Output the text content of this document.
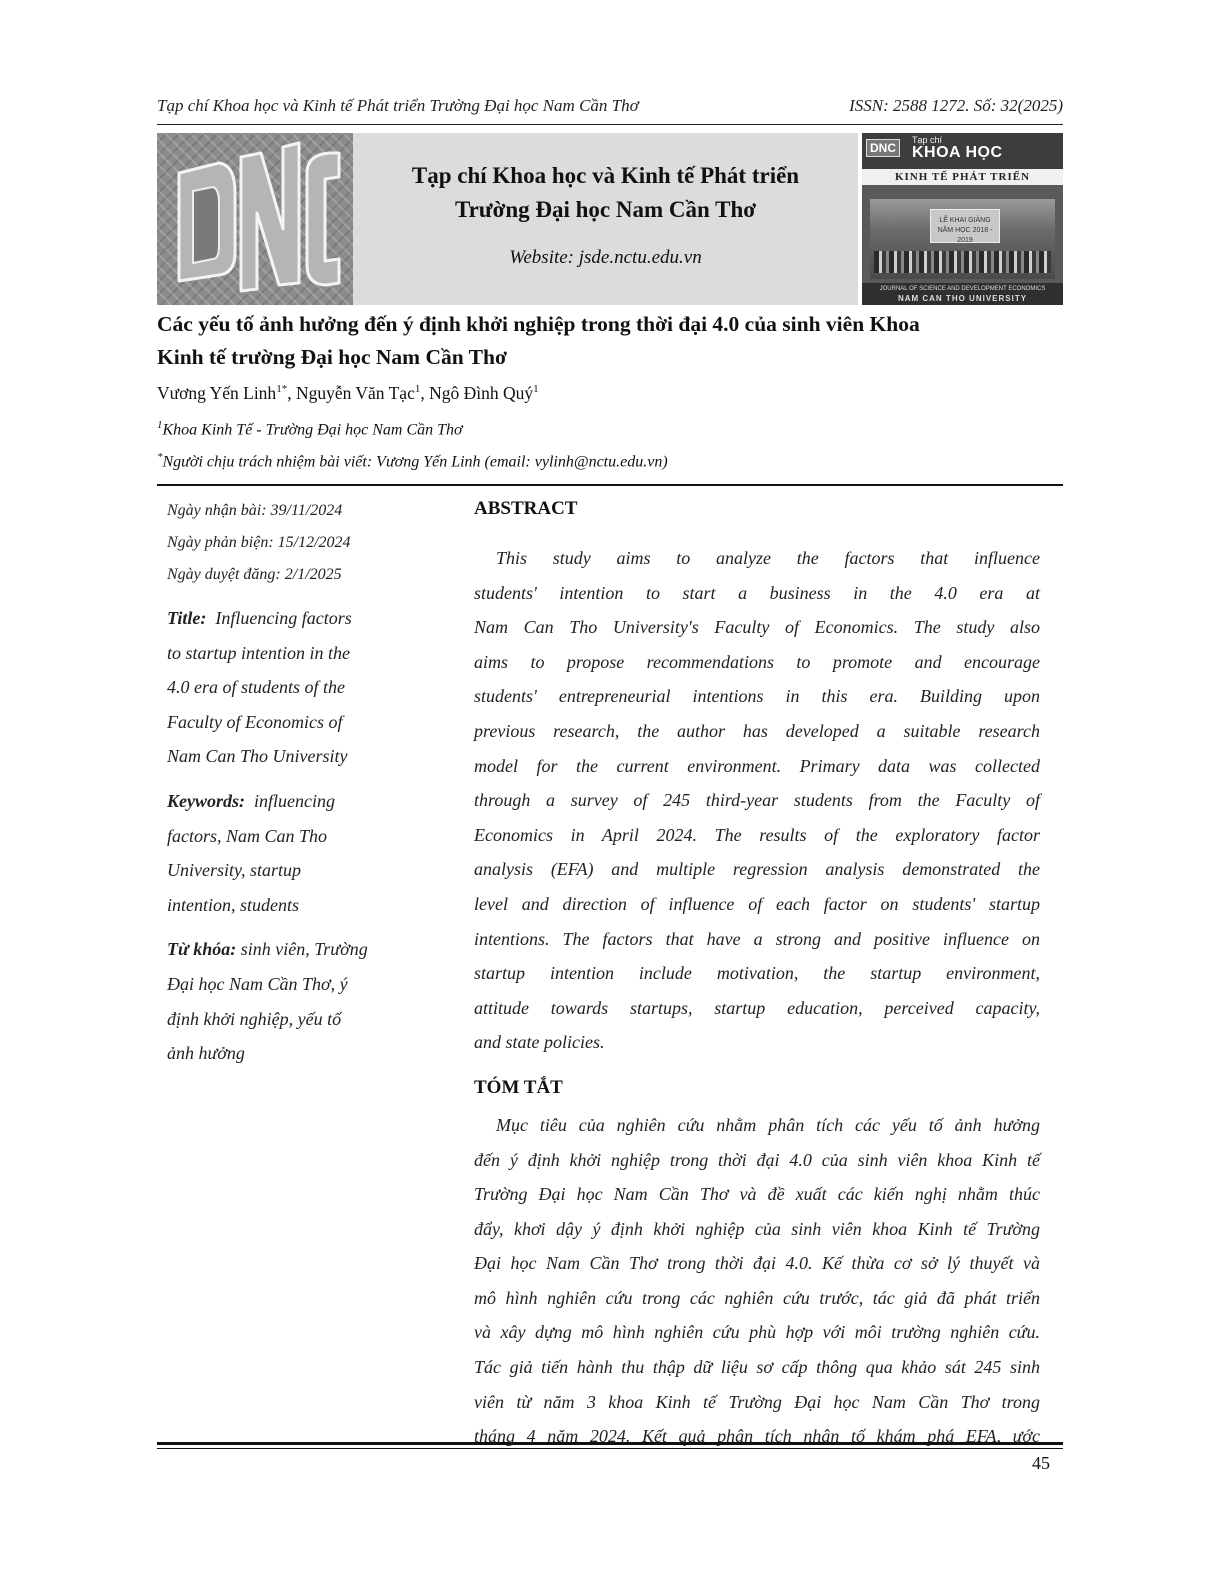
Tạp chí Khoa học và Kinh tế Phát triển Trường Đại học Nam Cần Thơ	ISSN: 2588 1272. Số: 32(2025)
Tạp chí Khoa học và Kinh tế Phát triển
Trường Đại học Nam Cần Thơ
Website: jsde.nctu.edu.vn
DNC
Tạp chí
KHOA HỌC
KINH TẾ PHÁT TRIỂN
LỄ KHAI GIẢNG
NĂM HỌC 2018 - 2019
JOURNAL OF SCIENCE AND DEVELOPMENT ECONOMICS
NAM CAN THO UNIVERSITY
Các yếu tố ảnh hưởng đến ý định khởi nghiệp trong thời đại 4.0 của sinh viên Khoa
Kinh tế trường Đại học Nam Cần Thơ
Vương Yến Linh$^{1*}$, Nguyễn Văn Tạc$^1$, Ngô Đình Quý$^1$
$^1$Khoa Kinh Tế - Trường Đại học Nam Cần Thơ
*Người chịu trách nhiệm bài viết: Vương Yến Linh (email: vylinh@nctu.edu.vn)
Ngày nhận bài: 39/11/2024
Ngày phản biện: 15/12/2024
Ngày duyệt đăng: 2/1/2025
Title: Influencing factors
to startup intention in the
4.0 era of students of the
Faculty of Economics of
Nam Can Tho University
Keywords: influencing
factors, Nam Can Tho
University, startup
intention, students
Từ khóa: sinh viên, Trường
Đại học Nam Cần Thơ, ý
định khởi nghiệp, yếu tố
ảnh hưởng
ABSTRACT
This study aims to analyze the factors that influence
students' intention to start a business in the 4.0 era at
Nam Can Tho University's Faculty of Economics. The study also
aims to propose recommendations to promote and encourage
students' entrepreneurial intentions in this era. Building upon
previous research, the author has developed a suitable research
model for the current environment. Primary data was collected
through a survey of 245 third-year students from the Faculty of
Economics in April 2024. The results of the exploratory factor
analysis (EFA) and multiple regression analysis demonstrated the
level and direction of influence of each factor on students' startup
intentions. The factors that have a strong and positive influence on
startup intention include motivation, the startup environment,
attitude towards startups, startup education, perceived capacity,
and state policies.
TÓM TẮT
Mục tiêu của nghiên cứu nhằm phân tích các yếu tố ảnh hưởng
đến ý định khởi nghiệp trong thời đại 4.0 của sinh viên khoa Kinh tế
Trường Đại học Nam Cần Thơ và đề xuất các kiến nghị nhằm thúc
đẩy, khơi dậy ý định khởi nghiệp của sinh viên khoa Kinh tế Trường
Đại học Nam Cần Thơ trong thời đại 4.0. Kế thừa cơ sở lý thuyết và
mô hình nghiên cứu trong các nghiên cứu trước, tác giả đã phát triển
và xây dựng mô hình nghiên cứu phù hợp với môi trường nghiên cứu.
Tác giả tiến hành thu thập dữ liệu sơ cấp thông qua khảo sát 245 sinh
viên từ năm 3 khoa Kinh tế Trường Đại học Nam Cần Thơ trong
tháng 4 năm 2024. Kết quả phân tích nhân tố khám phá EFA, ước
45
